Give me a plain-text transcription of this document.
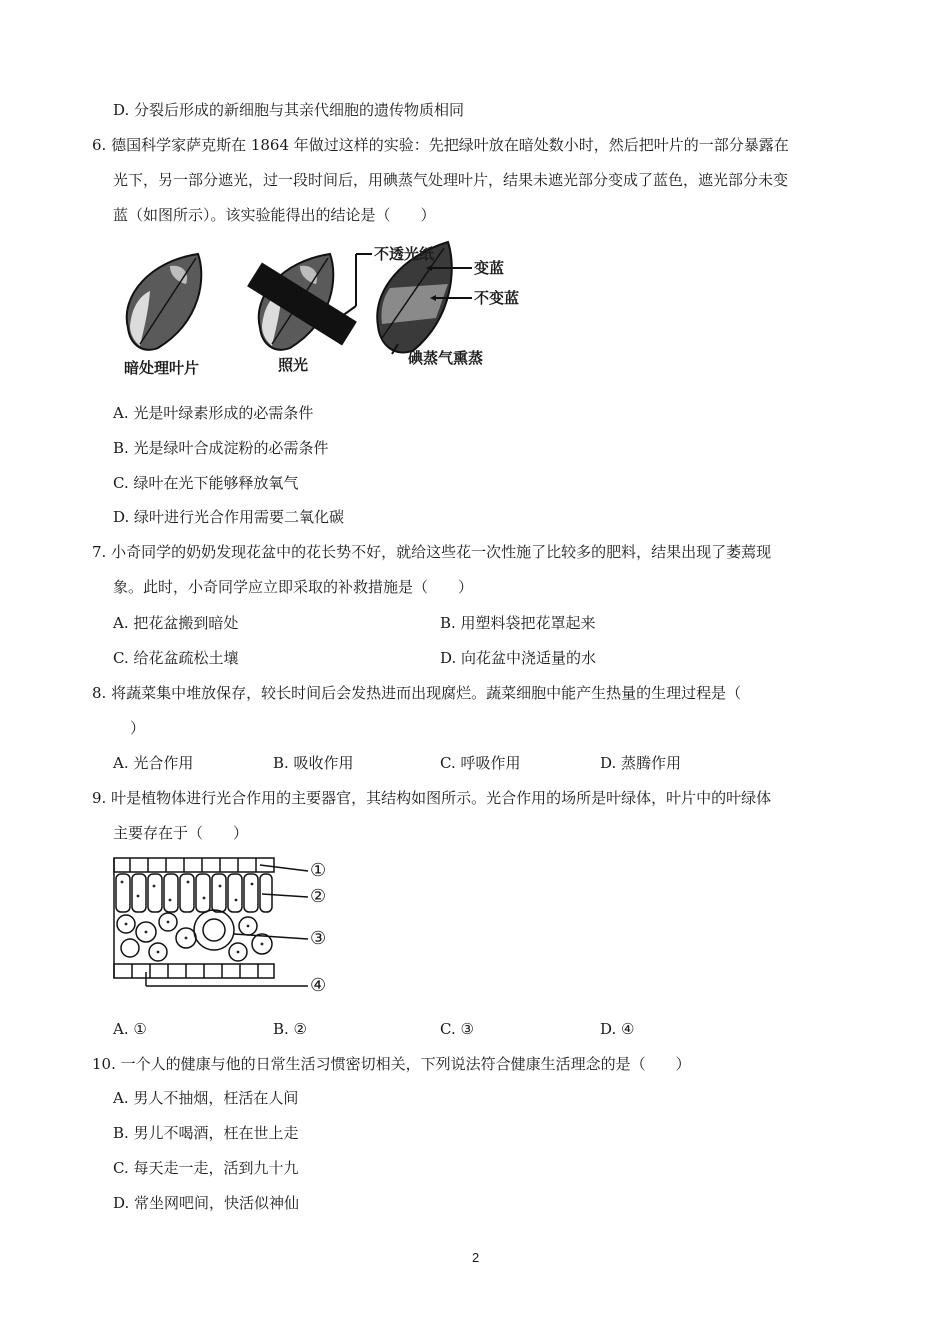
D. 分裂后形成的新细胞与其亲代细胞的遗传物质相同
6. 德国科学家萨克斯在 1864 年做过这样的实验：先把绿叶放在暗处数小时，然后把叶片的一部分暴露在
光下，另一部分遮光，过一段时间后，用碘蒸气处理叶片，结果未遮光部分变成了蓝色，遮光部分未变
蓝（如图所示）。该实验能得出的结论是（　　）
暗处理叶片	照光	碘蒸气熏蒸
不透光纸
变蓝
不变蓝
A. 光是叶绿素形成的必需条件
B. 光是绿叶合成淀粉的必需条件
C. 绿叶在光下能够释放氧气
D. 绿叶进行光合作用需要二氧化碳
7. 小奇同学的奶奶发现花盆中的花长势不好，就给这些花一次性施了比较多的肥料，结果出现了萎蔫现
象。此时，小奇同学应立即采取的补救措施是（　　）
A. 把花盆搬到暗处	B. 用塑料袋把花罩起来
C. 给花盆疏松土壤	D. 向花盆中浇适量的水
8. 将蔬菜集中堆放保存，较长时间后会发热进而出现腐烂。蔬菜细胞中能产生热量的生理过程是（
）
A. 光合作用	B. 吸收作用	C. 呼吸作用	D. 蒸腾作用
9. 叶是植物体进行光合作用的主要器官，其结构如图所示。光合作用的场所是叶绿体，叶片中的叶绿体
主要存在于（　　）
①
②
③
④
A. ①	B. ②	C. ③	D. ④
10. 一个人的健康与他的日常生活习惯密切相关，下列说法符合健康生活理念的是（　　）
A. 男人不抽烟，枉活在人间
B. 男儿不喝酒，枉在世上走
C. 每天走一走，活到九十九
D. 常坐网吧间，快活似神仙
2
